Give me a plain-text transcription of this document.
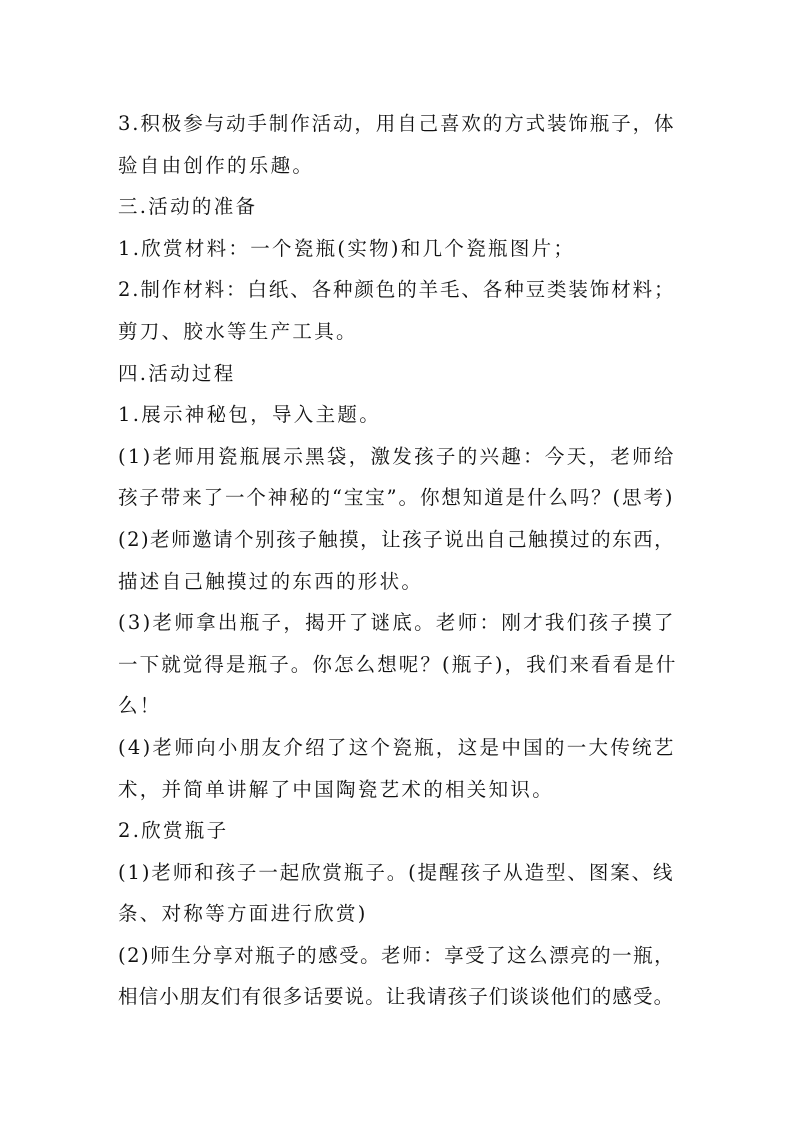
3.积极参与动手制作活动，用自己喜欢的方式装饰瓶子，体

验自由创作的乐趣。

三.活动的准备

1.欣赏材料：一个瓷瓶(实物)和几个瓷瓶图片；

2.制作材料：白纸、各种颜色的羊毛、各种豆类装饰材料；

剪刀、胶水等生产工具。

四.活动过程

1.展示神秘包，导入主题。

(1)老师用瓷瓶展示黑袋，激发孩子的兴趣：今天，老师给

孩子带来了一个神秘的“宝宝”。你想知道是什么吗？(思考)

(2)老师邀请个别孩子触摸，让孩子说出自己触摸过的东西，

描述自己触摸过的东西的形状。

(3)老师拿出瓶子，揭开了谜底。老师：刚才我们孩子摸了

一下就觉得是瓶子。你怎么想呢？(瓶子)，我们来看看是什

么！

(4)老师向小朋友介绍了这个瓷瓶，这是中国的一大传统艺

术，并简单讲解了中国陶瓷艺术的相关知识。

2.欣赏瓶子

(1)老师和孩子一起欣赏瓶子。(提醒孩子从造型、图案、线

条、对称等方面进行欣赏)

(2)师生分享对瓶子的感受。老师：享受了这么漂亮的一瓶，

相信小朋友们有很多话要说。让我请孩子们谈谈他们的感受。
